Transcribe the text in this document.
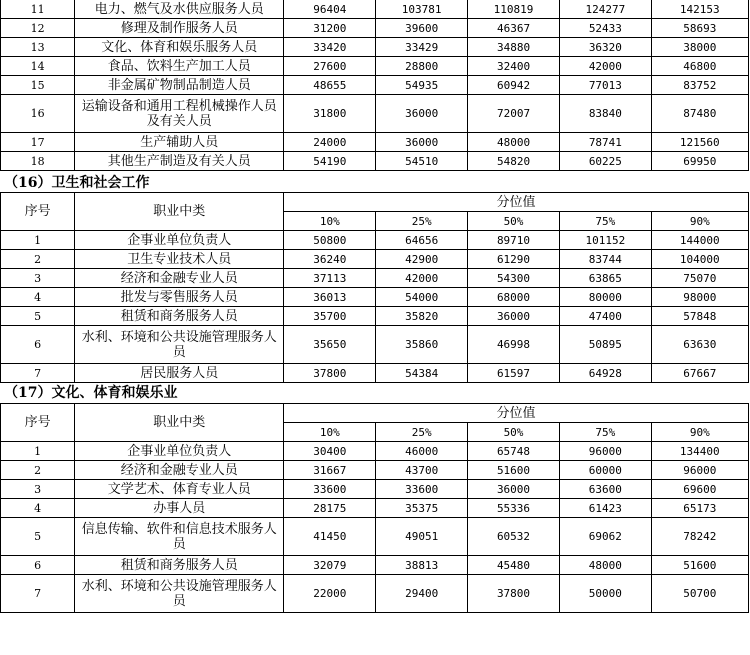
11	电力、燃气及水供应服务人员	96404	103781	110819	124277	142153
12	修理及制作服务人员	31200	39600	46367	52433	58693
13	文化、体育和娱乐服务人员	33420	33429	34880	36320	38000
14	食品、饮料生产加工人员	27600	28800	32400	42000	46800
15	非金属矿物制品制造人员	48655	54935	60942	77013	83752
16	运输设备和通用工程机械操作人员及有关人员	31800	36000	72007	83840	87480
17	生产辅助人员	24000	36000	48000	78741	121560
18	其他生产制造及有关人员	54190	54510	54820	60225	69950
（16）卫生和社会工作
序号	职业中类	分位值				
		10%	25%	50%	75%	90%
1	企事业单位负责人	50800	64656	89710	101152	144000
2	卫生专业技术人员	36240	42900	61290	83744	104000
3	经济和金融专业人员	37113	42000	54300	63865	75070
4	批发与零售服务人员	36013	54000	68000	80000	98000
5	租赁和商务服务人员	35700	35820	36000	47400	57848
6	水利、环境和公共设施管理服务人员	35650	35860	46998	50895	63630
7	居民服务人员	37800	54384	61597	64928	67667
（17）文化、体育和娱乐业
序号	职业中类	分位值				
		10%	25%	50%	75%	90%
1	企事业单位负责人	30400	46000	65748	96000	134400
2	经济和金融专业人员	31667	43700	51600	60000	96000
3	文学艺术、体育专业人员	33600	33600	36000	63600	69600
4	办事人员	28175	35375	55336	61423	65173
5	信息传输、软件和信息技术服务人员	41450	49051	60532	69062	78242
6	租赁和商务服务人员	32079	38813	45480	48000	51600
7	水利、环境和公共设施管理服务人员	22000	29400	37800	50000	50700
